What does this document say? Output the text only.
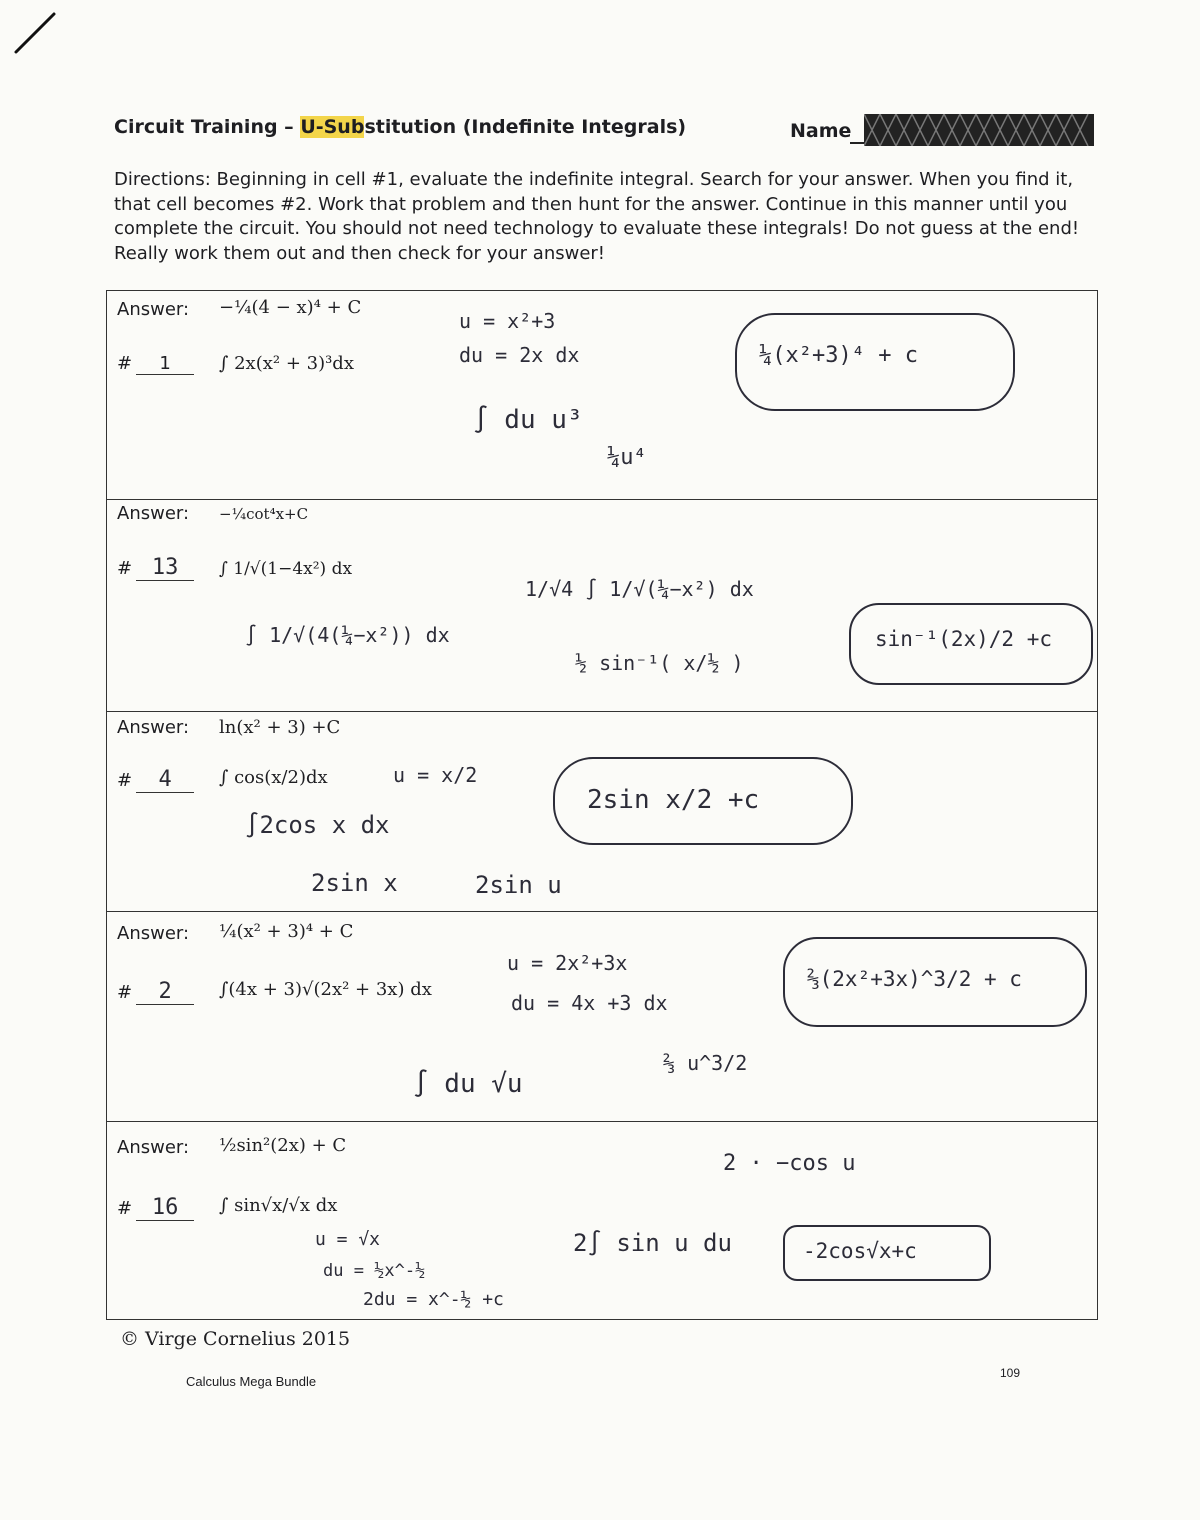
Circuit Training – U-Substitution (Indefinite Integrals)	Name
Directions: Beginning in cell #1, evaluate the indefinite integral. Search for your answer. When you find it, that cell becomes #2. Work that problem and then hunt for the answer. Continue in this manner until you complete the circuit. You should not need technology to evaluate these integrals! Do not guess at the end! Really work them out and then check for your answer!
Answer: −¼(4 − x)⁴ + C
# 1	∫ 2x(x² + 3)³dx
u = x²+3
du = 2x dx
∫ du u³
¼u⁴
¼(x²+3)⁴ + c
Answer: −¼cot⁴x+C
# 13	∫ 1/√(1−4x²) dx
∫ 1/√(4(¼−x²)) dx
1/√4 ∫ 1/√(¼−x²) dx
½ sin⁻¹( x/½ )
sin⁻¹(2x)/2 +c
Answer: ln(x² + 3) +C
# 4	∫ cos(x/2)dx	u = x/2
∫2cos x dx
2sin x	2sin u
2sin x/2 +c
Answer: ¼(x² + 3)⁴ + C
# 2	∫(4x + 3)√(2x² + 3x) dx
u = 2x²+3x
du = 4x +3 dx
∫ du √u
⅔ u^3/2
⅔(2x²+3x)^3/2 + c
Answer: ½sin²(2x) + C
# 16	∫ sin√x/√x dx
u = √x
du = ½x^-½
2du = x^-½ +c
2∫ sin u du
2 · −cos u
-2cos√x+c
© Virge Cornelius 2015
Calculus Mega Bundle
109
